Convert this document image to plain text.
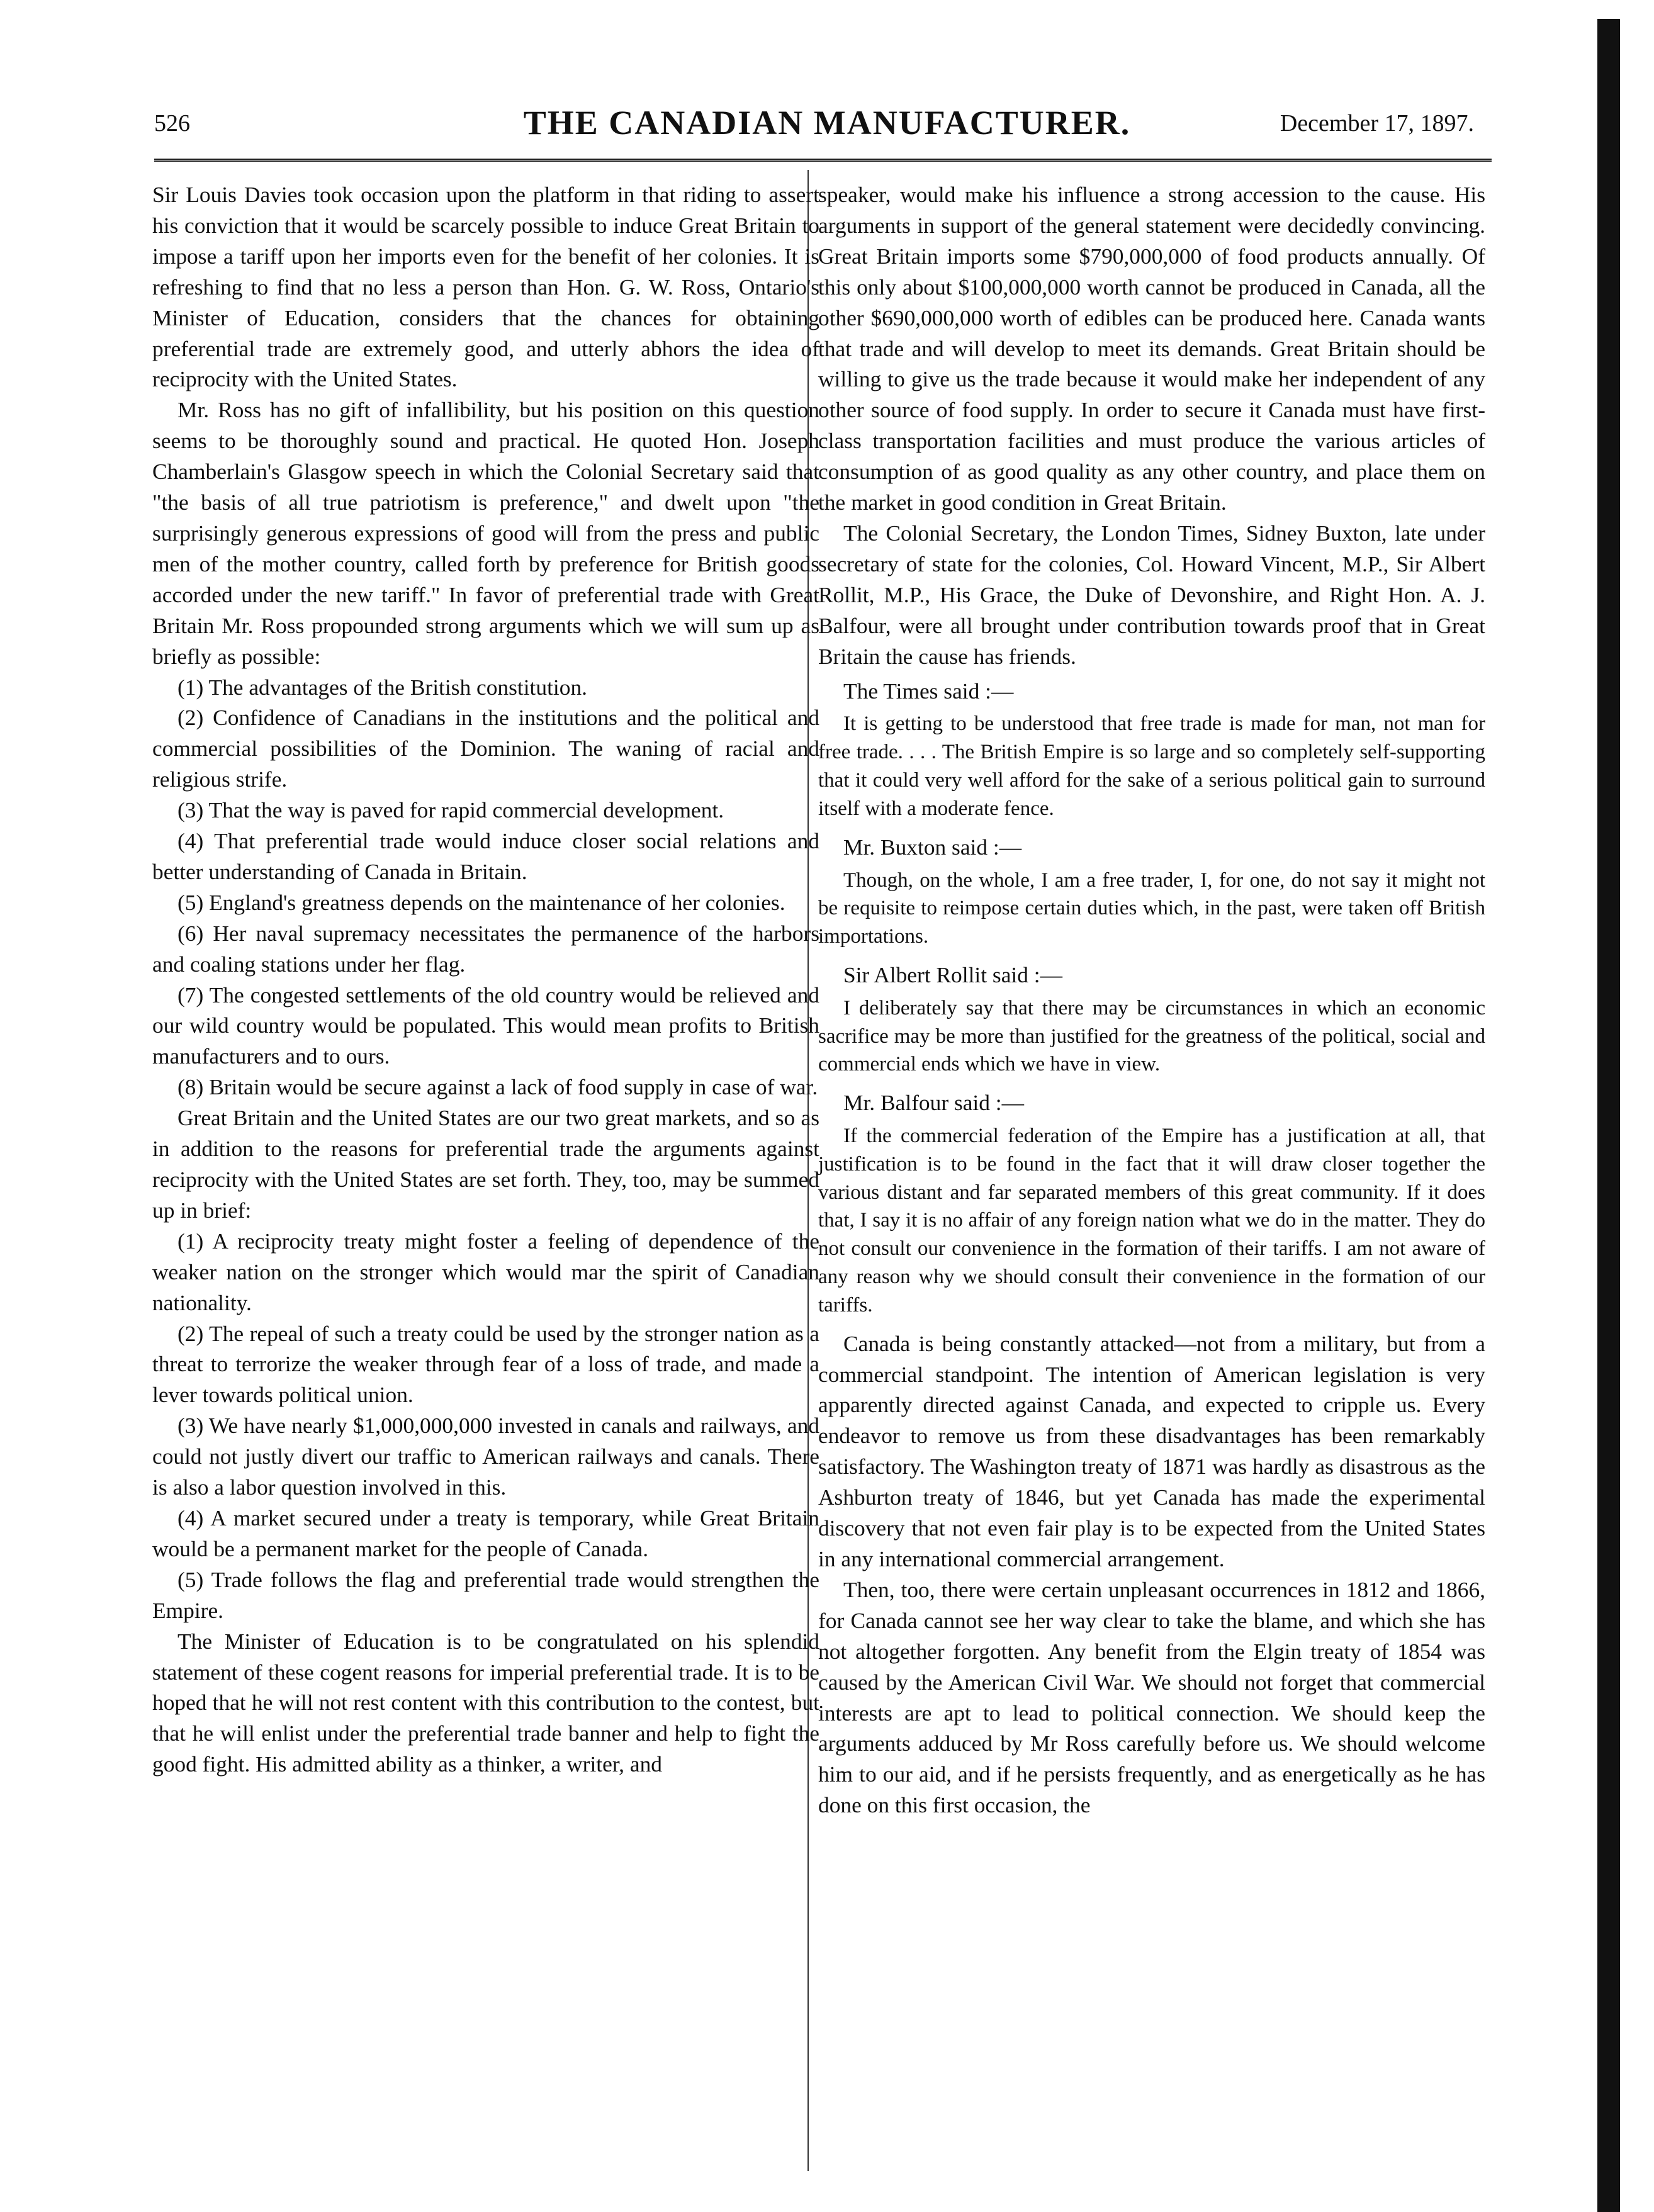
526	THE CANADIAN MANUFACTURER.	December 17, 1897.

Sir Louis Davies took occasion upon the platform in that riding to assert his conviction that it would be scarcely possible to induce Great Britain to impose a tariff upon her imports even for the benefit of her colonies. It is refreshing to find that no less a person than Hon. G. W. Ross, Ontario's Minister of Education, considers that the chances for obtaining preferential trade are extremely good, and utterly abhors the idea of reciprocity with the United States.

Mr. Ross has no gift of infallibility, but his position on this question seems to be thoroughly sound and practical. He quoted Hon. Joseph Chamberlain's Glasgow speech in which the Colonial Secretary said that "the basis of all true patriotism is preference," and dwelt upon "the surprisingly generous expressions of good will from the press and public men of the mother country, called forth by preference for British goods accorded under the new tariff." In favor of preferential trade with Great Britain Mr. Ross propounded strong arguments which we will sum up as briefly as possible:

(1) The advantages of the British constitution.

(2) Confidence of Canadians in the institutions and the political and commercial possibilities of the Dominion. The waning of racial and religious strife.

(3) That the way is paved for rapid commercial development.

(4) That preferential trade would induce closer social relations and better understanding of Canada in Britain.

(5) England's greatness depends on the maintenance of her colonies.

(6) Her naval supremacy necessitates the permanence of the harbors and coaling stations under her flag.

(7) The congested settlements of the old country would be relieved and our wild country would be populated. This would mean profits to British manufacturers and to ours.

(8) Britain would be secure against a lack of food supply in case of war.

Great Britain and the United States are our two great markets, and so as in addition to the reasons for preferential trade the arguments against reciprocity with the United States are set forth. They, too, may be summed up in brief:

(1) A reciprocity treaty might foster a feeling of dependence of the weaker nation on the stronger which would mar the spirit of Canadian nationality.

(2) The repeal of such a treaty could be used by the stronger nation as a threat to terrorize the weaker through fear of a loss of trade, and made a lever towards political union.

(3) We have nearly $1,000,000,000 invested in canals and railways, and could not justly divert our traffic to American railways and canals. There is also a labor question involved in this.

(4) A market secured under a treaty is temporary, while Great Britain would be a permanent market for the people of Canada.

(5) Trade follows the flag and preferential trade would strengthen the Empire.

The Minister of Education is to be congratulated on his splendid statement of these cogent reasons for imperial preferential trade. It is to be hoped that he will not rest content with this contribution to the contest, but that he will enlist under the preferential trade banner and help to fight the good fight. His admitted ability as a thinker, a writer, and

speaker, would make his influence a strong accession to the cause. His arguments in support of the general statement were decidedly convincing. Great Britain imports some $790,000,000 of food products annually. Of this only about $100,000,000 worth cannot be produced in Canada, all the other $690,000,000 worth of edibles can be produced here. Canada wants that trade and will develop to meet its demands. Great Britain should be willing to give us the trade because it would make her independent of any other source of food supply. In order to secure it Canada must have first-class transportation facilities and must produce the various articles of consumption of as good quality as any other country, and place them on the market in good condition in Great Britain.

The Colonial Secretary, the London Times, Sidney Buxton, late under secretary of state for the colonies, Col. Howard Vincent, M.P., Sir Albert Rollit, M.P., His Grace, the Duke of Devonshire, and Right Hon. A. J. Balfour, were all brought under contribution towards proof that in Great Britain the cause has friends.

The Times said :—

It is getting to be understood that free trade is made for man, not man for free trade. . . . The British Empire is so large and so completely self-supporting that it could very well afford for the sake of a serious political gain to surround itself with a moderate fence.

Mr. Buxton said :—

Though, on the whole, I am a free trader, I, for one, do not say it might not be requisite to reimpose certain duties which, in the past, were taken off British importations.

Sir Albert Rollit said :—

I deliberately say that there may be circumstances in which an economic sacrifice may be more than justified for the greatness of the political, social and commercial ends which we have in view.

Mr. Balfour said :—

If the commercial federation of the Empire has a justification at all, that justification is to be found in the fact that it will draw closer together the various distant and far separated members of this great community. If it does that, I say it is no affair of any foreign nation what we do in the matter. They do not consult our convenience in the formation of their tariffs. I am not aware of any reason why we should consult their convenience in the formation of our tariffs.

Canada is being constantly attacked—not from a military, but from a commercial standpoint. The intention of American legislation is very apparently directed against Canada, and expected to cripple us. Every endeavor to remove us from these disadvantages has been remarkably satisfactory. The Washington treaty of 1871 was hardly as disastrous as the Ashburton treaty of 1846, but yet Canada has made the experimental discovery that not even fair play is to be expected from the United States in any international commercial arrangement.

Then, too, there were certain unpleasant occurrences in 1812 and 1866, for Canada cannot see her way clear to take the blame, and which she has not altogether forgotten. Any benefit from the Elgin treaty of 1854 was caused by the American Civil War. We should not forget that commercial interests are apt to lead to political connection. We should keep the arguments adduced by Mr Ross carefully before us. We should welcome him to our aid, and if he persists frequently, and as energetically as he has done on this first occasion, the
